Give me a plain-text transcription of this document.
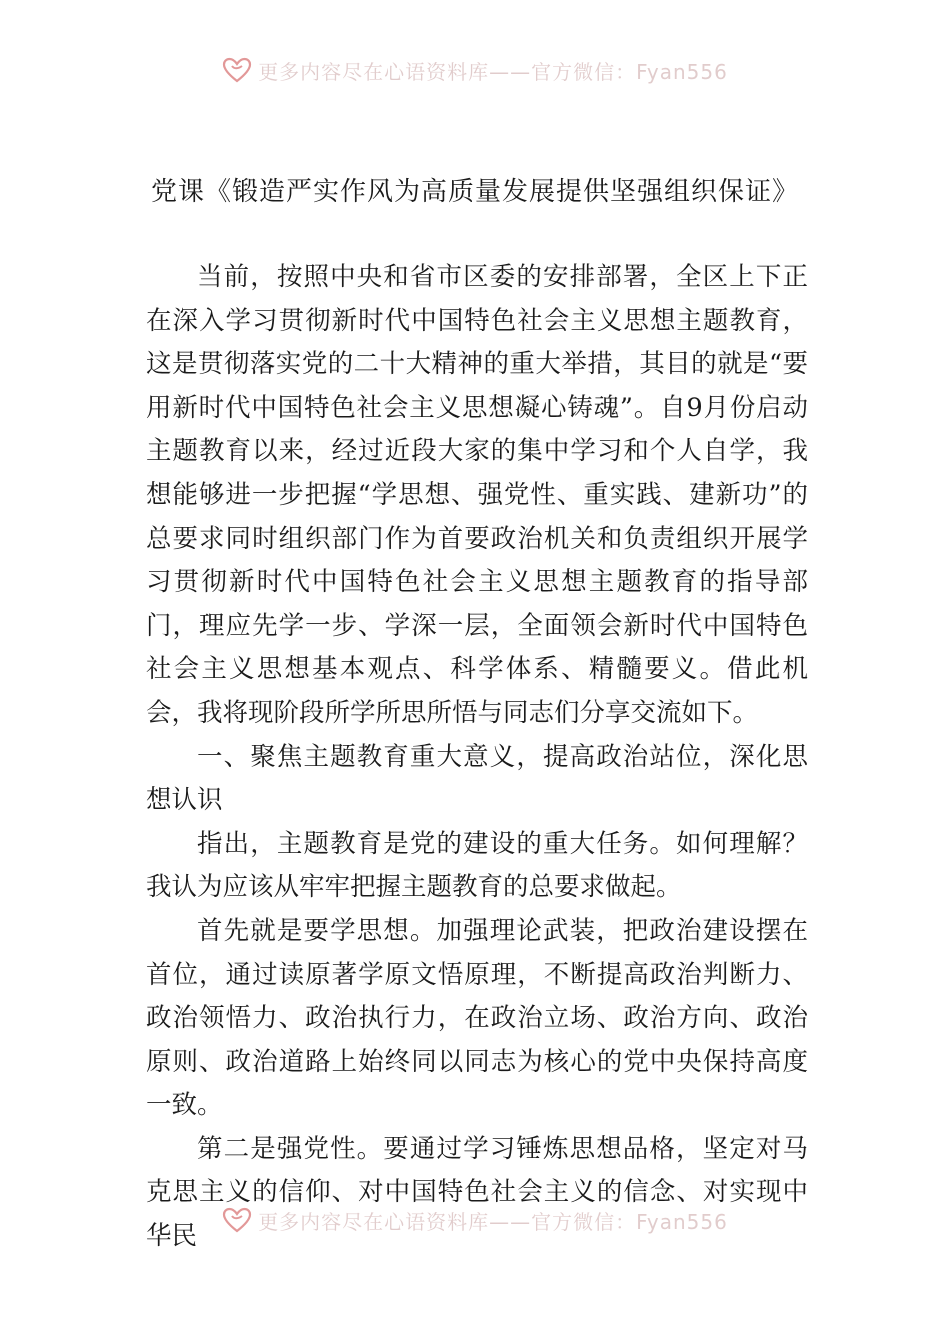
更多内容尽在心语资料库——官方微信：Fyan556
党课《锻造严实作风为高质量发展提供坚强组织保证》

当前，按照中央和省市区委的安排部署，全区上下正在深入学习贯彻新时代中国特色社会主义思想主题教育，这是贯彻落实党的二十大精神的重大举措，其目的就是“要用新时代中国特色社会主义思想凝心铸魂”。自9月份启动主题教育以来，经过近段大家的集中学习和个人自学，我想能够进一步把握“学思想、强党性、重实践、建新功”的总要求同时组织部门作为首要政治机关和负责组织开展学习贯彻新时代中国特色社会主义思想主题教育的指导部门，理应先学一步、学深一层，全面领会新时代中国特色社会主义思想基本观点、科学体系、精髓要义。借此机会，我将现阶段所学所思所悟与同志们分享交流如下。

一、聚焦主题教育重大意义，提高政治站位，深化思想认识

指出，主题教育是党的建设的重大任务。如何理解？我认为应该从牢牢把握主题教育的总要求做起。

首先就是要学思想。加强理论武装，把政治建设摆在首位，通过读原著学原文悟原理，不断提高政治判断力、政治领悟力、政治执行力，在政治立场、政治方向、政治原则、政治道路上始终同以同志为核心的党中央保持高度一致。

第二是强党性。要通过学习锤炼思想品格，坚定对马克思主义的信仰、对中国特色社会主义的信念、对实现中华民	更多内容尽在心语资料库——官方微信：Fyan556
